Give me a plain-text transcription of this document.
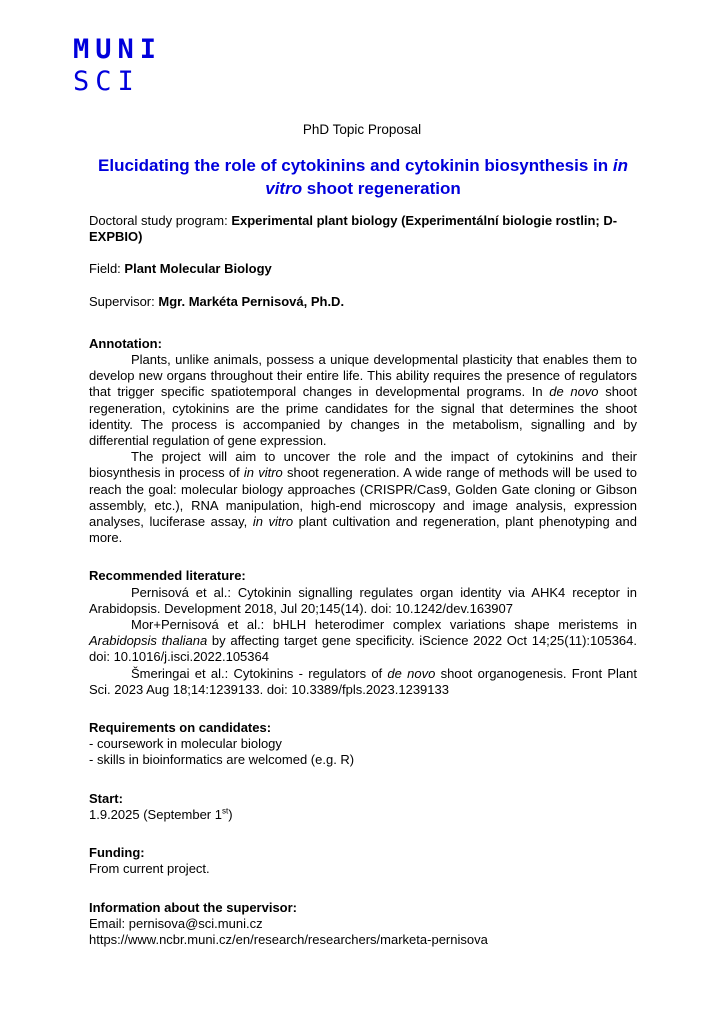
MUNI
SCI
PhD Topic Proposal
Elucidating the role of cytokinins and cytokinin biosynthesis in in vitro shoot regeneration

Doctoral study program: Experimental plant biology (Experimentální biologie rostlin; D-EXPBIO)

Field: Plant Molecular Biology

Supervisor: Mgr. Markéta Pernisová, Ph.D.

Annotation:

Plants, unlike animals, possess a unique developmental plasticity that enables them to develop new organs throughout their entire life. This ability requires the presence of regulators that trigger specific spatiotemporal changes in developmental programs. In de novo shoot regeneration, cytokinins are the prime candidates for the signal that determines the shoot identity. The process is accompanied by changes in the metabolism, signalling and by differential regulation of gene expression.

The project will aim to uncover the role and the impact of cytokinins and their biosynthesis in process of in vitro shoot regeneration. A wide range of methods will be used to reach the goal: molecular biology approaches (CRISPR/Cas9, Golden Gate cloning or Gibson assembly, etc.), RNA manipulation, high-end microscopy and image analysis, expression analyses, luciferase assay, in vitro plant cultivation and regeneration, plant phenotyping and more.

Recommended literature:

Pernisová et al.: Cytokinin signalling regulates organ identity via AHK4 receptor in Arabidopsis. Development 2018, Jul 20;145(14). doi: 10.1242/dev.163907

Mor+Pernisová et al.: bHLH heterodimer complex variations shape meristems in Arabidopsis thaliana by affecting target gene specificity. iScience 2022 Oct 14;25(11):105364. doi: 10.1016/j.isci.2022.105364

Šmeringai et al.: Cytokinins - regulators of de novo shoot organogenesis. Front Plant Sci. 2023 Aug 18;14:1239133. doi: 10.3389/fpls.2023.1239133

Requirements on candidates:

- coursework in molecular biology

- skills in bioinformatics are welcomed (e.g. R)

Start:

1.9.2025 (September 1st)

Funding:

From current project.

Information about the supervisor:

Email: pernisova@sci.muni.cz

https://www.ncbr.muni.cz/en/research/researchers/marketa-pernisova
